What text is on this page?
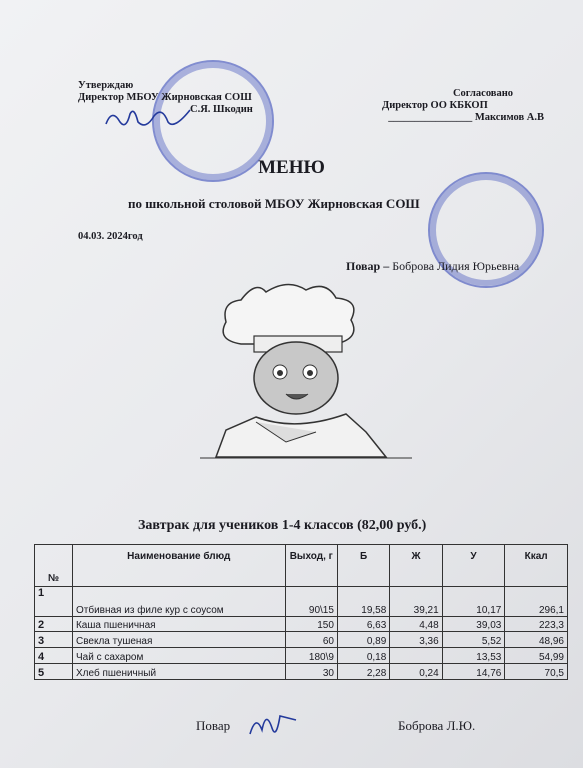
Утверждаю
Директор МБОУ Жирновская СОШ
С.Я. Шкодин
Согласовано
Директор ОО КБКОП
________________ Максимов А.В
МЕНЮ
по школьной столовой МБОУ Жирновская СОШ
04.03. 2024год
Повар – Боброва Лидия Юрьевна
Завтрак для учеников 1-4 классов (82,00 руб.)
№	Наименование блюд	Выход, г	Б	Ж	У	Ккал
1	Отбивная из филе кур с соусом	90\15	19,58	39,21	10,17	296,1
2	Каша пшеничная	150	6,63	4,48	39,03	223,3
3	Свекла тушеная	60	0,89	3,36	5,52	48,96
4	Чай с сахаром	180\9	0,18		13,53	54,99
5	Хлеб пшеничный	30	2,28	0,24	14,76	70,5
Повар	Боброва Л.Ю.
